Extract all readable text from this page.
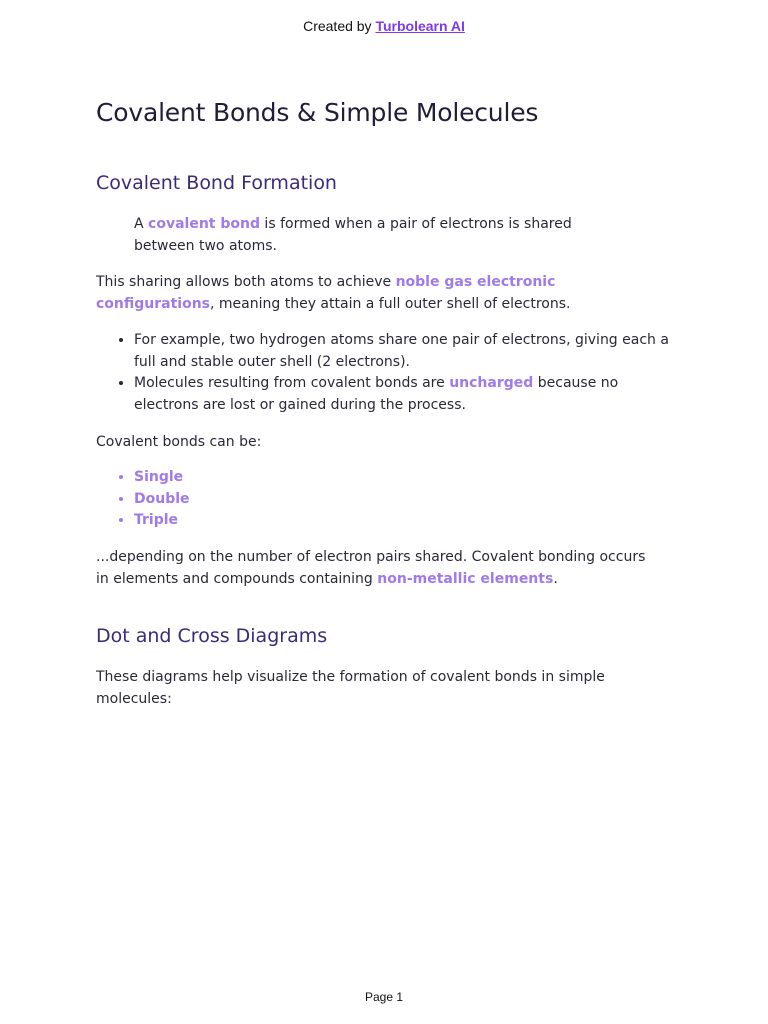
Created by Turbolearn AI
Covalent Bonds & Simple Molecules
Covalent Bond Formation

A covalent bond is formed when a pair of electrons is shared between two atoms.

This sharing allows both atoms to achieve noble gas electronic configurations, meaning they attain a full outer shell of electrons.

• For example, two hydrogen atoms share one pair of electrons, giving each a full and stable outer shell (2 electrons).
• Molecules resulting from covalent bonds are uncharged because no electrons are lost or gained during the process.

Covalent bonds can be:

• Single
• Double
• Triple

...depending on the number of electron pairs shared. Covalent bonding occurs in elements and compounds containing non-metallic elements.

Dot and Cross Diagrams

These diagrams help visualize the formation of covalent bonds in simple molecules:

Page 1
